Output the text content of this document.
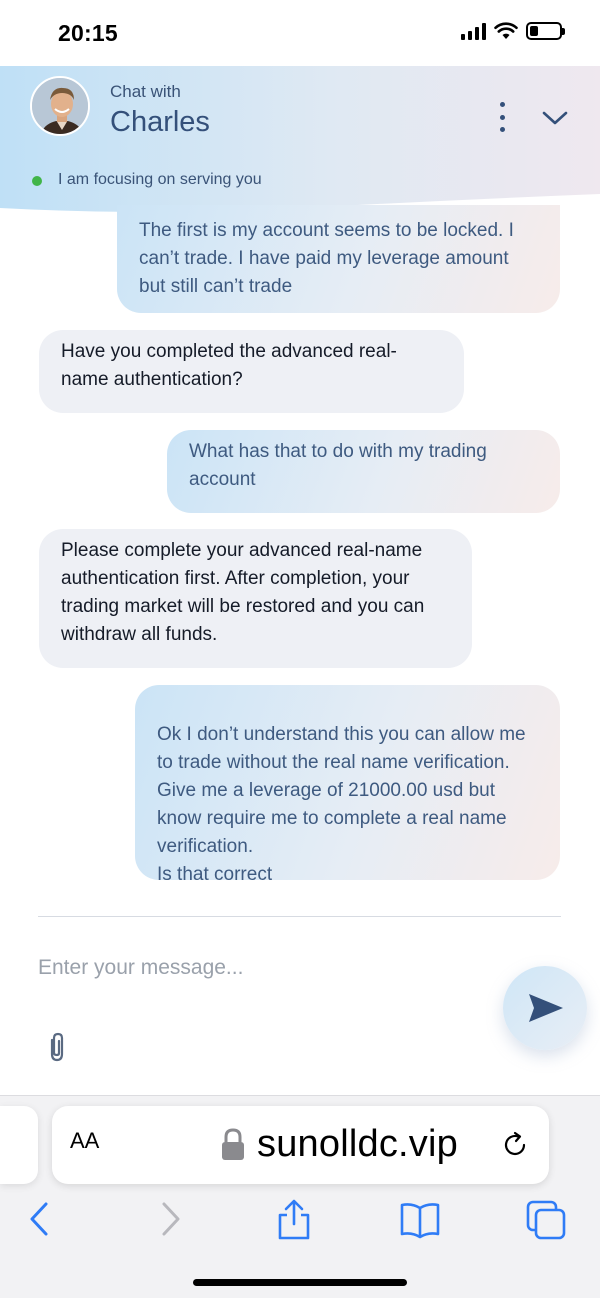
20:15
Chat with
Charles
I am focusing on serving you
The first is my account seems to be locked. I can’t trade. I have paid my leverage amount but still can’t trade
Have you completed the advanced real-name authentication?
What has that to do with my trading account
Please complete your advanced real-name authentication first. After completion, your trading market will be restored and you can withdraw all funds.

Ok I don’t understand this you can allow me to trade without the real name verification. Give me a leverage of 21000.00 usd but know require me to complete a real name verification.
Is that correct

Enter your message...
AA	sunolldc.vip
